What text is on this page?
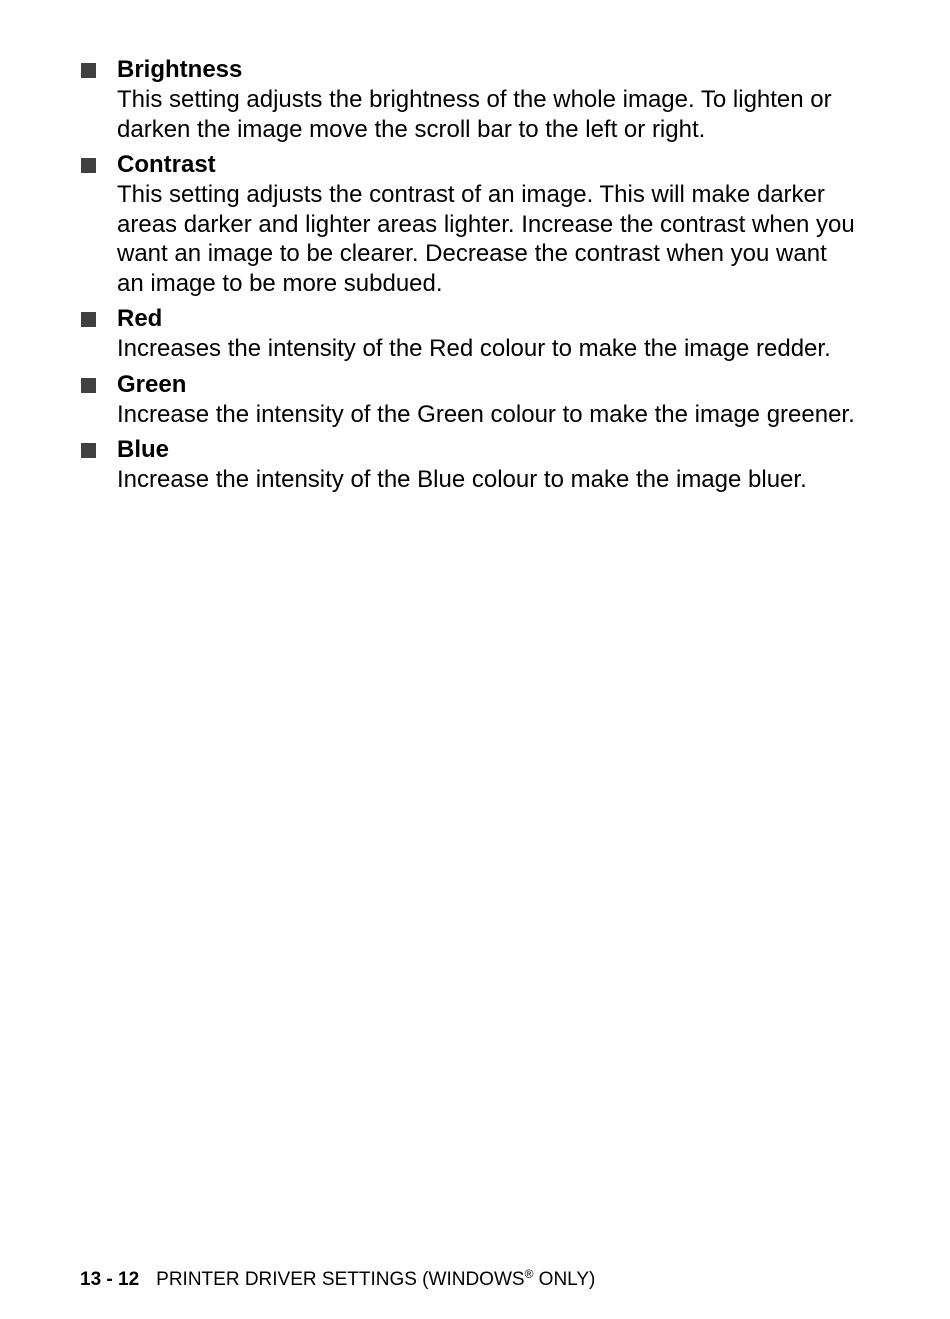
Brightness
This setting adjusts the brightness of the whole image. To lighten or darken the image move the scroll bar to the left or right.
Contrast
This setting adjusts the contrast of an image. This will make darker areas darker and lighter areas lighter. Increase the contrast when you want an image to be clearer. Decrease the contrast when you want an image to be more subdued.
Red
Increases the intensity of the Red colour to make the image redder.
Green
Increase the intensity of the Green colour to make the image greener.
Blue
Increase the intensity of the Blue colour to make the image bluer.
13 - 12 PRINTER DRIVER SETTINGS (WINDOWS® ONLY)
